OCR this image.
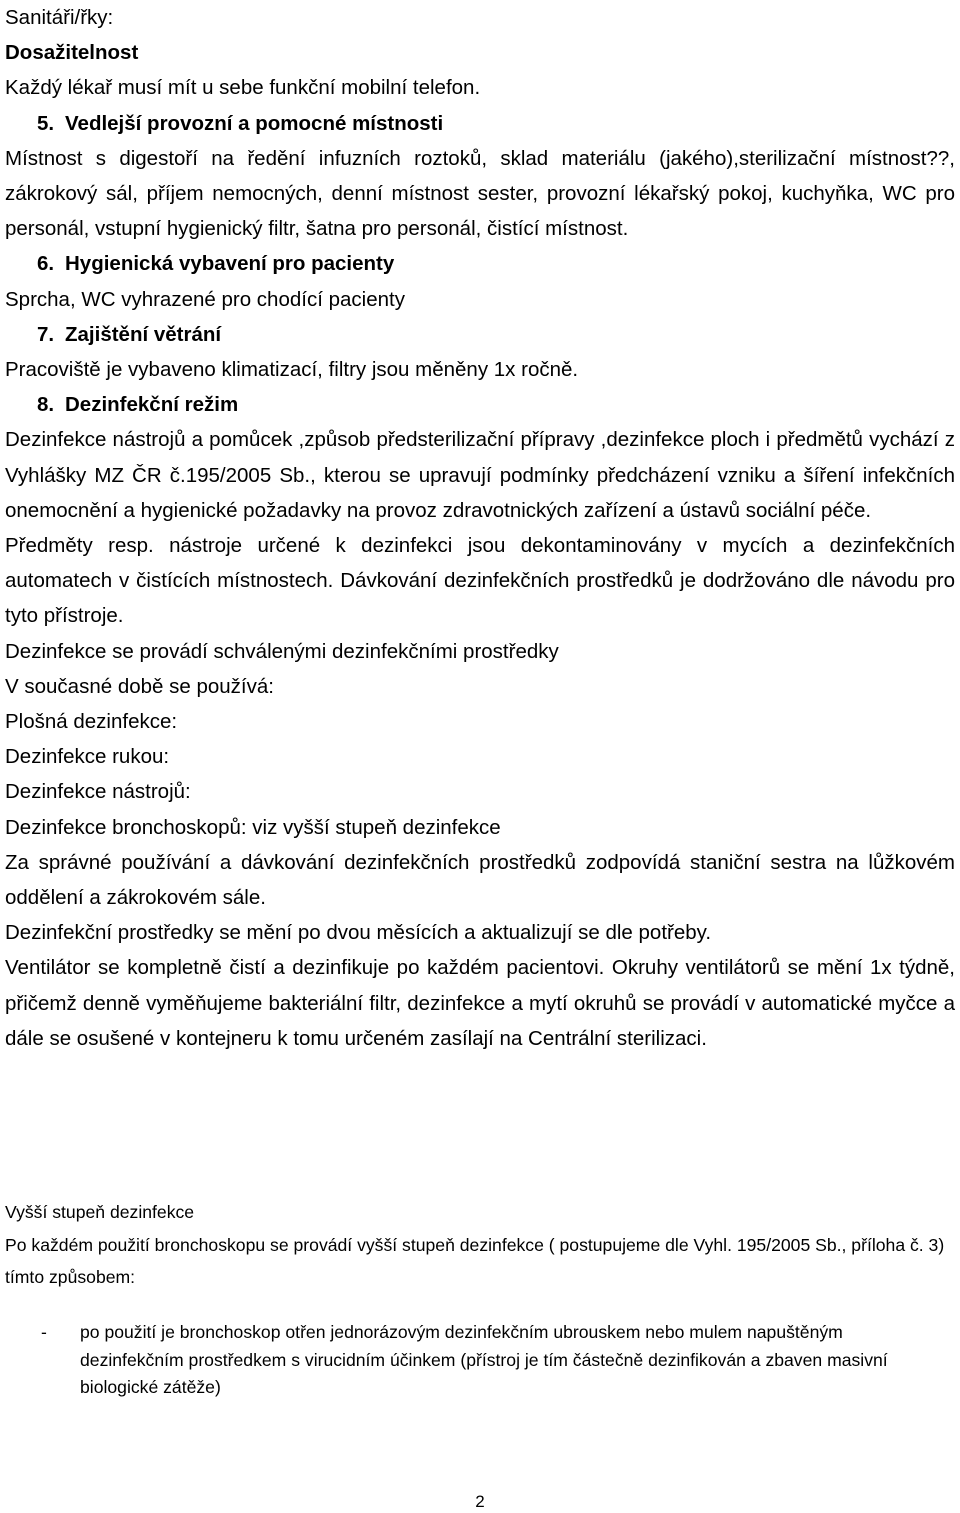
Sanitáři/řky:

Dosažitelnost

Každý lékař musí mít u sebe funkční mobilní telefon.

5. Vedlejší provozní a pomocné místnosti

Místnost s digestoří na ředění infuzních roztoků, sklad materiálu (jakého),sterilizační místnost??, zákrokový sál, příjem nemocných, denní místnost sester, provozní lékařský pokoj, kuchyňka, WC pro personál, vstupní hygienický filtr, šatna pro personál, čistící místnost.

6. Hygienická vybavení pro pacienty

Sprcha, WC vyhrazené pro chodící pacienty

7. Zajištění větrání

Pracoviště je vybaveno klimatizací, filtry jsou měněny 1x ročně.

8. Dezinfekční režim

Dezinfekce nástrojů a pomůcek ,způsob předsterilizační přípravy ,dezinfekce ploch i předmětů vychází z Vyhlášky MZ ČR č.195/2005 Sb., kterou se upravují podmínky předcházení vzniku a šíření infekčních onemocnění a hygienické požadavky na provoz zdravotnických zařízení a ústavů sociální péče.

Předměty resp. nástroje určené k dezinfekci jsou dekontaminovány v mycích a dezinfekčních automatech v čistících místnostech. Dávkování dezinfekčních prostředků je dodržováno dle návodu pro tyto přístroje.

Dezinfekce se provádí schválenými dezinfekčními prostředky

V současné době se používá:

Plošná dezinfekce:

Dezinfekce rukou:

Dezinfekce nástrojů:

Dezinfekce bronchoskopů: viz vyšší stupeň dezinfekce

Za správné používání a dávkování dezinfekčních prostředků zodpovídá staniční sestra na lůžkovém oddělení a zákrokovém sále.

Dezinfekční prostředky se mění po dvou měsících a aktualizují se dle potřeby.

Ventilátor se kompletně čistí a dezinfikuje po každém pacientovi. Okruhy ventilátorů se mění 1x týdně, přičemž denně vyměňujeme bakteriální filtr, dezinfekce a mytí okruhů se provádí v automatické myčce a dále se osušené v kontejneru k tomu určeném zasílají na Centrální sterilizaci.

Vyšší stupeň dezinfekce

Po každém použití bronchoskopu se provádí vyšší stupeň dezinfekce ( postupujeme dle Vyhl. 195/2005 Sb., příloha č. 3) tímto způsobem:

- po použití je bronchoskop otřen jednorázovým dezinfekčním ubrouskem nebo mulem napuštěným dezinfekčním prostředkem s virucidním účinkem (přístroj je tím částečně dezinfikován a zbaven masivní biologické zátěže)

2
